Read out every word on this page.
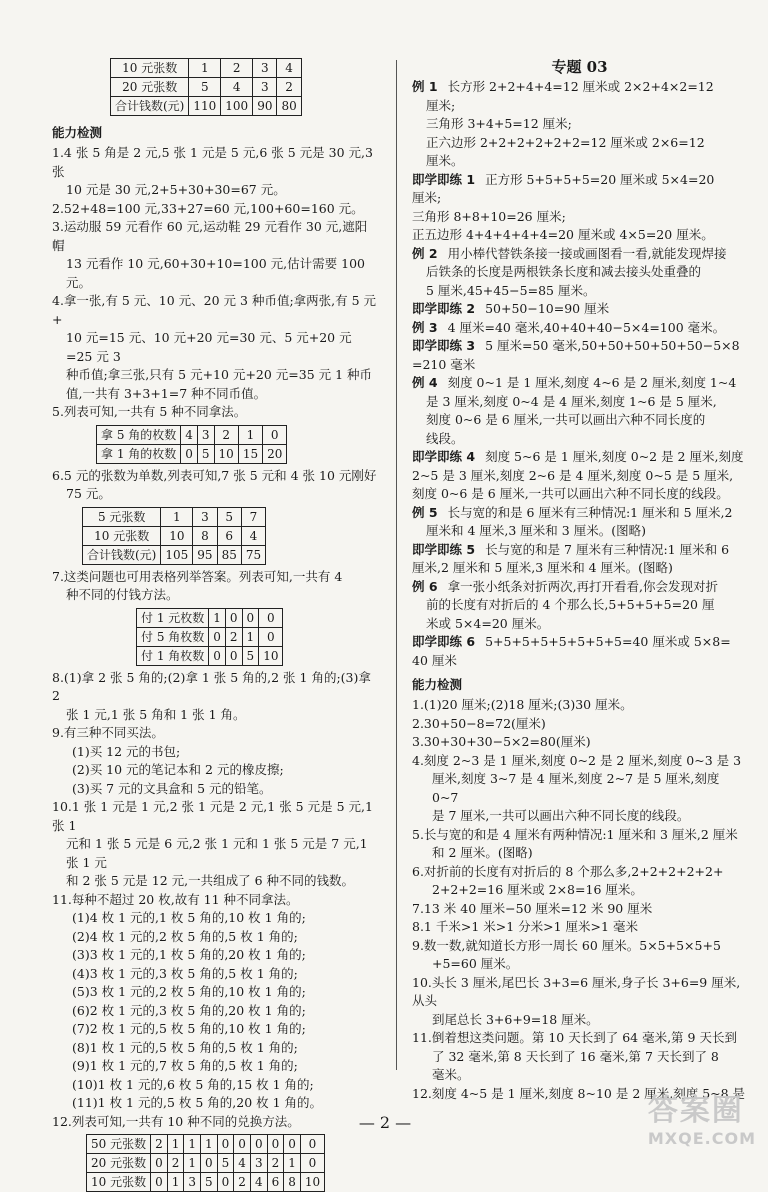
10 元张数	1	2	3	4
20 元张数	5	4	3	2
合计钱数(元)	110	100	90	80

能力检测

1.4 张 5 角是 2 元,5 张 1 元是 5 元,6 张 5 元是 30 元,3 张

10 元是 30 元,2+5+30+30=67 元。

2.52+48=100 元,33+27=60 元,100+60=160 元。

3.运动服 59 元看作 60 元,运动鞋 29 元看作 30 元,遮阳帽

13 元看作 10 元,60+30+10=100 元,估计需要 100 元。

4.拿一张,有 5 元、10 元、20 元 3 种币值;拿两张,有 5 元+

10 元=15 元、10 元+20 元=30 元、5 元+20 元=25 元 3

种币值;拿三张,只有 5 元+10 元+20 元=35 元 1 种币

值,一共有 3+3+1=7 种不同币值。

5.列表可知,一共有 5 种不同拿法。

拿 5 角的枚数	4	3	2	1	0
拿 1 角的枚数	0	5	10	15	20

6.5 元的张数为单数,列表可知,7 张 5 元和 4 张 10 元刚好

75 元。

5 元张数	1	3	5	7
10 元张数	10	8	6	4
合计钱数(元)	105	95	85	75

7.这类问题也可用表格列举答案。列表可知,一共有 4

种不同的付钱方法。

付 1 元枚数	1	0	0	0
付 5 角枚数	0	2	1	0
付 1 角枚数	0	0	5	10

8.(1)拿 2 张 5 角的;(2)拿 1 张 5 角的,2 张 1 角的;(3)拿 2

张 1 元,1 张 5 角和 1 张 1 角。

9.有三种不同买法。

(1)买 12 元的书包;

(2)买 10 元的笔记本和 2 元的橡皮擦;

(3)买 7 元的文具盒和 5 元的铅笔。

10.1 张 1 元是 1 元,2 张 1 元是 2 元,1 张 5 元是 5 元,1 张 1

元和 1 张 5 元是 6 元,2 张 1 元和 1 张 5 元是 7 元,1 张 1 元

和 2 张 5 元是 12 元,一共组成了 6 种不同的钱数。

11.每种不超过 20 枚,故有 11 种不同拿法。

(1)4 枚 1 元的,1 枚 5 角的,10 枚 1 角的;

(2)4 枚 1 元的,2 枚 5 角的,5 枚 1 角的;

(3)3 枚 1 元的,1 枚 5 角的,20 枚 1 角的;

(4)3 枚 1 元的,3 枚 5 角的,5 枚 1 角的;

(5)3 枚 1 元的,2 枚 5 角的,10 枚 1 角的;

(6)2 枚 1 元的,3 枚 5 角的,20 枚 1 角的;

(7)2 枚 1 元的,5 枚 5 角的,10 枚 1 角的;

(8)1 枚 1 元的,5 枚 5 角的,5 枚 1 角的;

(9)1 枚 1 元的,7 枚 5 角的,5 枚 1 角的;

(10)1 枚 1 元的,6 枚 5 角的,15 枚 1 角的;

(11)1 枚 1 元的,5 枚 5 角的,20 枚 1 角的。

12.列表可知,一共有 10 种不同的兑换方法。

50 元张数	2	1	1	1	0	0	0	0	0	0
20 元张数	0	2	1	0	5	4	3	2	1	0
10 元张数	0	1	3	5	0	2	4	6	8	10

专题 03

例 1 长方形 2+2+4+4=12 厘米或 2×2+4×2=12

厘米;

三角形 3+4+5=12 厘米;

正六边形 2+2+2+2+2+2=12 厘米或 2×6=12

厘米。

即学即练 1 正方形 5+5+5+5=20 厘米或 5×4=20

厘米;

三角形 8+8+10=26 厘米;

正五边形 4+4+4+4+4=20 厘米或 4×5=20 厘米。

例 2 用小棒代替铁条接一接或画图看一看,就能发现焊接

后铁条的长度是两根铁条长度和减去接头处重叠的

5 厘米,45+45−5=85 厘米。

即学即练 2 50+50−10=90 厘米

例 3 4 厘米=40 毫米,40+40+40−5×4=100 毫米。

即学即练 3 5 厘米=50 毫米,50+50+50+50+50−5×8

=210 毫米

例 4 刻度 0~1 是 1 厘米,刻度 4~6 是 2 厘米,刻度 1~4

是 3 厘米,刻度 0~4 是 4 厘米,刻度 1~6 是 5 厘米,

刻度 0~6 是 6 厘米,一共可以画出六种不同长度的

线段。

即学即练 4 刻度 5~6 是 1 厘米,刻度 0~2 是 2 厘米,刻度

2~5 是 3 厘米,刻度 2~6 是 4 厘米,刻度 0~5 是 5 厘米,

刻度 0~6 是 6 厘米,一共可以画出六种不同长度的线段。

例 5 长与宽的和是 6 厘米有三种情况:1 厘米和 5 厘米,2

厘米和 4 厘米,3 厘米和 3 厘米。(图略)

即学即练 5 长与宽的和是 7 厘米有三种情况:1 厘米和 6

厘米,2 厘米和 5 厘米,3 厘米和 4 厘米。(图略)

例 6 拿一张小纸条対折两次,再打开看看,你会发现对折

前的长度有对折后的 4 个那么长,5+5+5+5=20 厘

米或 5×4=20 厘米。

即学即练 6 5+5+5+5+5+5+5+5=40 厘米或 5×8=

40 厘米

能力检测

1.(1)20 厘米;(2)18 厘米;(3)30 厘米。

2.30+50−8=72(厘米)

3.30+30+30−5×2=80(厘米)

4.刻度 2~3 是 1 厘米,刻度 0~2 是 2 厘米,刻度 0~3 是 3

厘米,刻度 3~7 是 4 厘米,刻度 2~7 是 5 厘米,刻度 0~7

是 7 厘米,一共可以画出六种不同长度的线段。

5.长与宽的和是 4 厘米有两种情况:1 厘米和 3 厘米,2 厘米

和 2 厘米。(图略)

6.对折前的长度有对折后的 8 个那么多,2+2+2+2+2+

2+2+2=16 厘米或 2×8=16 厘米。

7.13 米 40 厘米−50 厘米=12 米 90 厘米

8.1 千米>1 米>1 分米>1 厘米>1 毫米

9.数一数,就知道长方形一周长 60 厘米。5×5+5×5+5

+5=60 厘米。

10.头长 3 厘米,尾巴长 3+3=6 厘米,身子长 3+6=9 厘米,从头

到尾总长 3+6+9=18 厘米。

11.倒着想这类问题。第 10 天长到了 64 毫米,第 9 天长到

了 32 毫米,第 8 天长到了 16 毫米,第 7 天长到了 8

毫米。

12.刻度 4~5 是 1 厘米,刻度 8~10 是 2 厘米,刻度 5~8 是

— 2 —	答案圈
MXQE.COM
